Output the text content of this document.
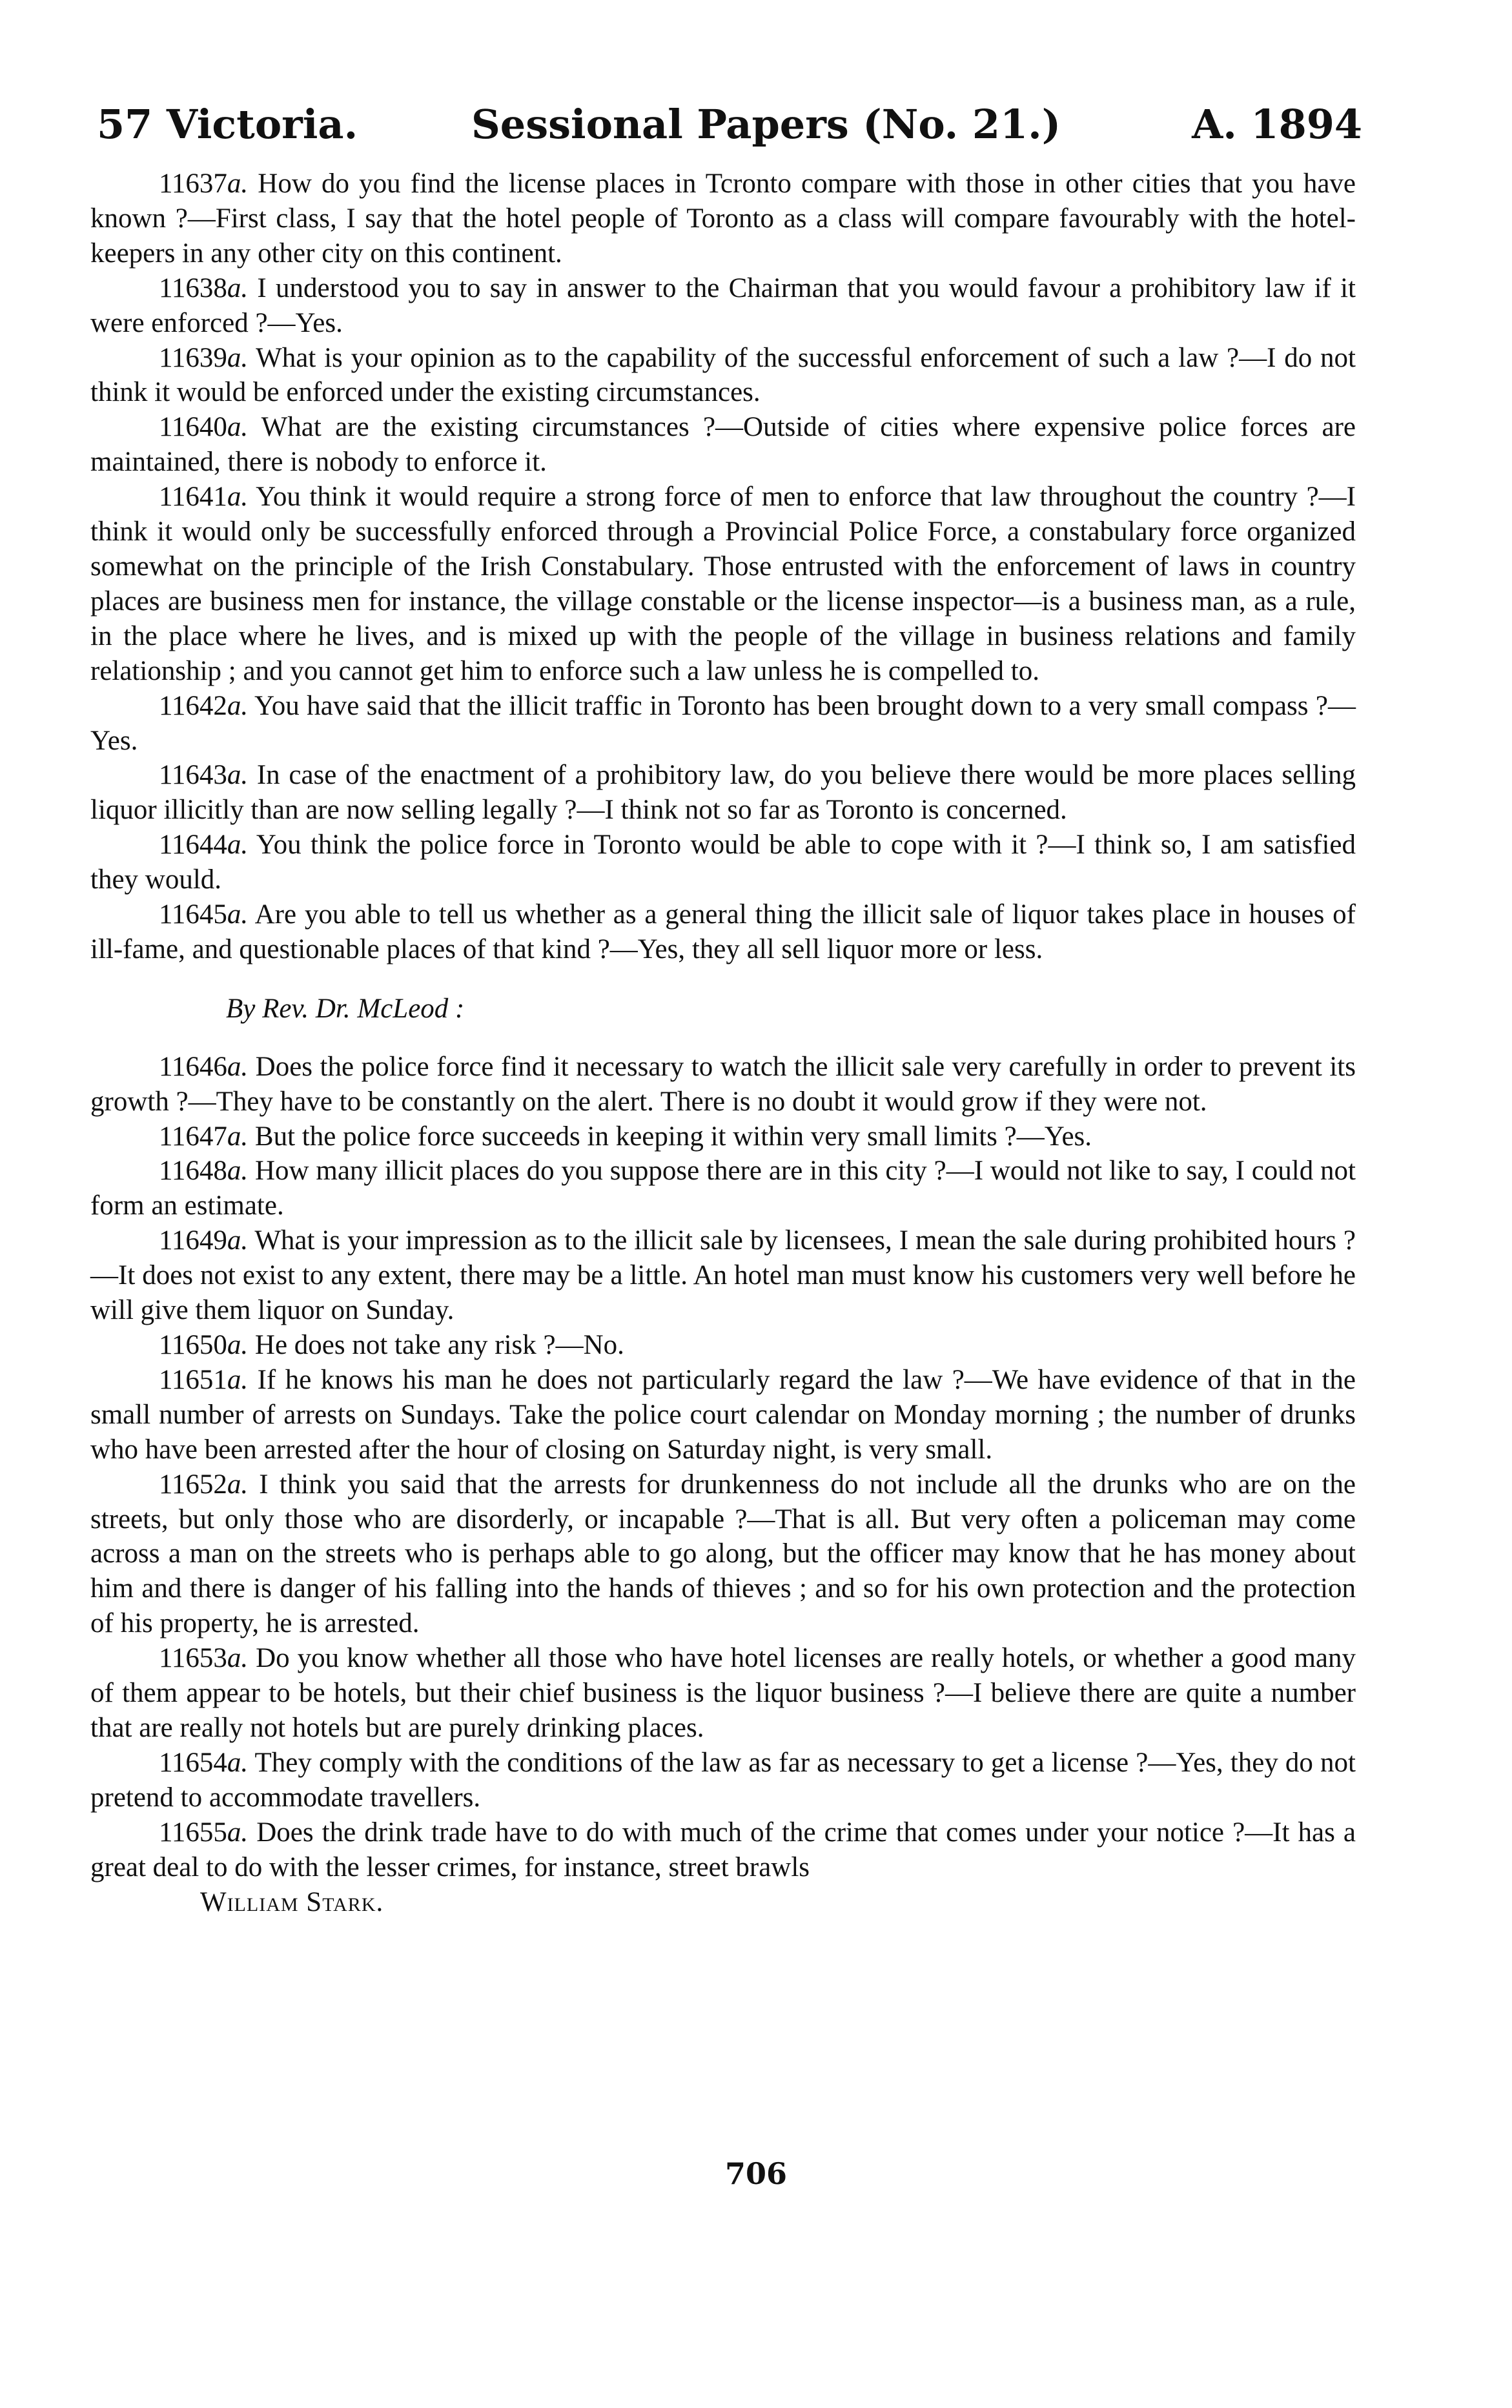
57 Victoria.	Sessional Papers (No. 21.)	A. 1894

11637a. How do you find the license places in Tcronto compare with those in other cities that you have known ?—First class, I say that the hotel people of Toronto as a class will compare favourably with the hotel-keepers in any other city on this continent.

11638a. I understood you to say in answer to the Chairman that you would favour a prohibitory law if it were enforced ?—Yes.

11639a. What is your opinion as to the capability of the successful enforcement of such a law ?—I do not think it would be enforced under the existing circumstances.

11640a. What are the existing circumstances ?—Outside of cities where expensive police forces are maintained, there is nobody to enforce it.

11641a. You think it would require a strong force of men to enforce that law throughout the country ?—I think it would only be successfully enforced through a Provincial Police Force, a constabulary force organized somewhat on the principle of the Irish Constabulary. Those entrusted with the enforcement of laws in country places are business men for instance, the village constable or the license inspector—is a business man, as a rule, in the place where he lives, and is mixed up with the people of the village in business relations and family relationship ; and you cannot get him to enforce such a law unless he is compelled to.

11642a. You have said that the illicit traffic in Toronto has been brought down to a very small compass ?—Yes.

11643a. In case of the enactment of a prohibitory law, do you believe there would be more places selling liquor illicitly than are now selling legally ?—I think not so far as Toronto is concerned.

11644a. You think the police force in Toronto would be able to cope with it ?—I think so, I am satisfied they would.

11645a. Are you able to tell us whether as a general thing the illicit sale of liquor takes place in houses of ill-fame, and questionable places of that kind ?—Yes, they all sell liquor more or less.

By Rev. Dr. McLeod :

11646a. Does the police force find it necessary to watch the illicit sale very carefully in order to prevent its growth ?—They have to be constantly on the alert. There is no doubt it would grow if they were not.

11647a. But the police force succeeds in keeping it within very small limits ?—Yes.

11648a. How many illicit places do you suppose there are in this city ?—I would not like to say, I could not form an estimate.

11649a. What is your impression as to the illicit sale by licensees, I mean the sale during prohibited hours ?—It does not exist to any extent, there may be a little. An hotel man must know his customers very well before he will give them liquor on Sunday.

11650a. He does not take any risk ?—No.

11651a. If he knows his man he does not particularly regard the law ?—We have evidence of that in the small number of arrests on Sundays. Take the police court calendar on Monday morning ; the number of drunks who have been arrested after the hour of closing on Saturday night, is very small.

11652a. I think you said that the arrests for drunkenness do not include all the drunks who are on the streets, but only those who are disorderly, or incapable ?—That is all. But very often a policeman may come across a man on the streets who is perhaps able to go along, but the officer may know that he has money about him and there is danger of his falling into the hands of thieves ; and so for his own protection and the protection of his property, he is arrested.

11653a. Do you know whether all those who have hotel licenses are really hotels, or whether a good many of them appear to be hotels, but their chief business is the liquor business ?—I believe there are quite a number that are really not hotels but are purely drinking places.

11654a. They comply with the conditions of the law as far as necessary to get a license ?—Yes, they do not pretend to accommodate travellers.

11655a. Does the drink trade have to do with much of the crime that comes under your notice ?—It has a great deal to do with the lesser crimes, for instance, street brawls

William Stark.

706
